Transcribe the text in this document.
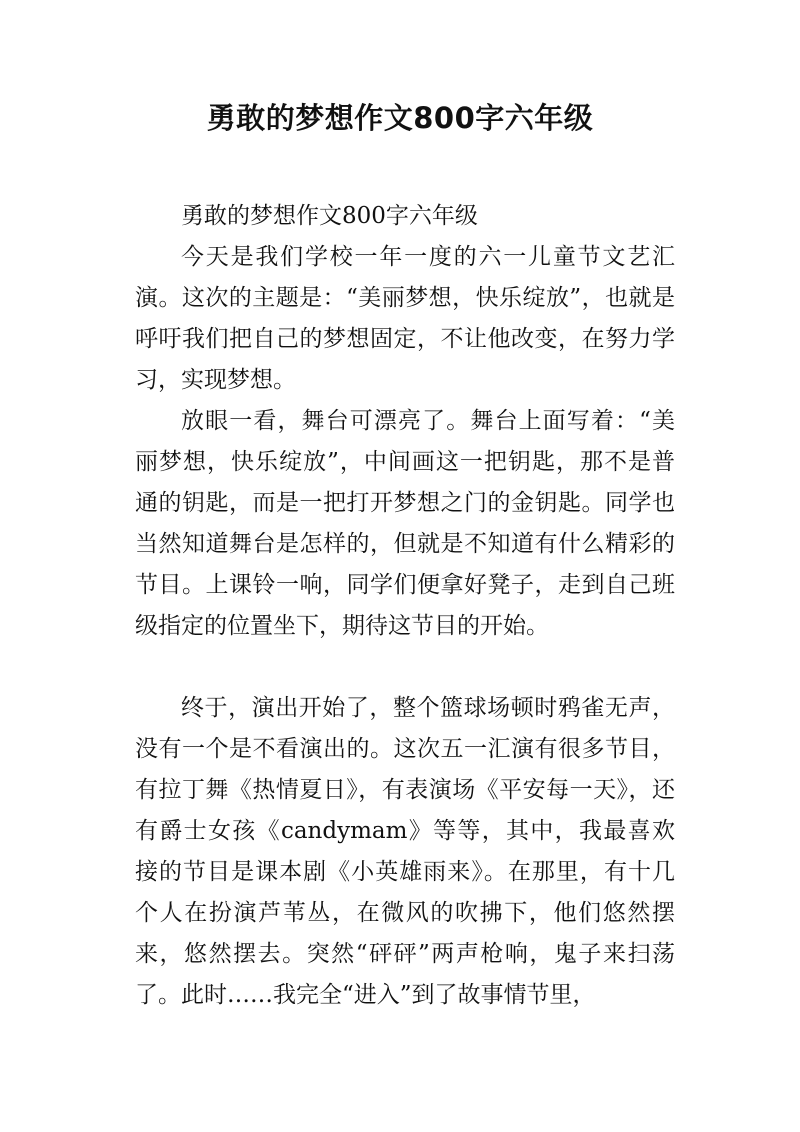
勇敢的梦想作文800字六年级

勇敢的梦想作文800字六年级

今天是我们学校一年一度的六一儿童节文艺汇演。这次的主题是：“美丽梦想，快乐绽放”，也就是呼吁我们把自己的梦想固定，不让他改变，在努力学习，实现梦想。

放眼一看，舞台可漂亮了。舞台上面写着：“美丽梦想，快乐绽放”，中间画这一把钥匙，那不是普通的钥匙，而是一把打开梦想之门的金钥匙。同学也当然知道舞台是怎样的，但就是不知道有什么精彩的节目。上课铃一响，同学们便拿好凳子，走到自己班级指定的位置坐下，期待这节目的开始。

终于，演出开始了，整个篮球场顿时鸦雀无声，没有一个是不看演出的。这次五一汇演有很多节目，有拉丁舞《热情夏日》，有表演场《平安每一天》，还有爵士女孩《candymam》等等，其中，我最喜欢接的节目是课本剧《小英雄雨来》。在那里，有十几个人在扮演芦苇丛，在微风的吹拂下，他们悠然摆来，悠然摆去。突然“砰砰”两声枪响，鬼子来扫荡了。此时……我完全“进入”到了故事情节里，
